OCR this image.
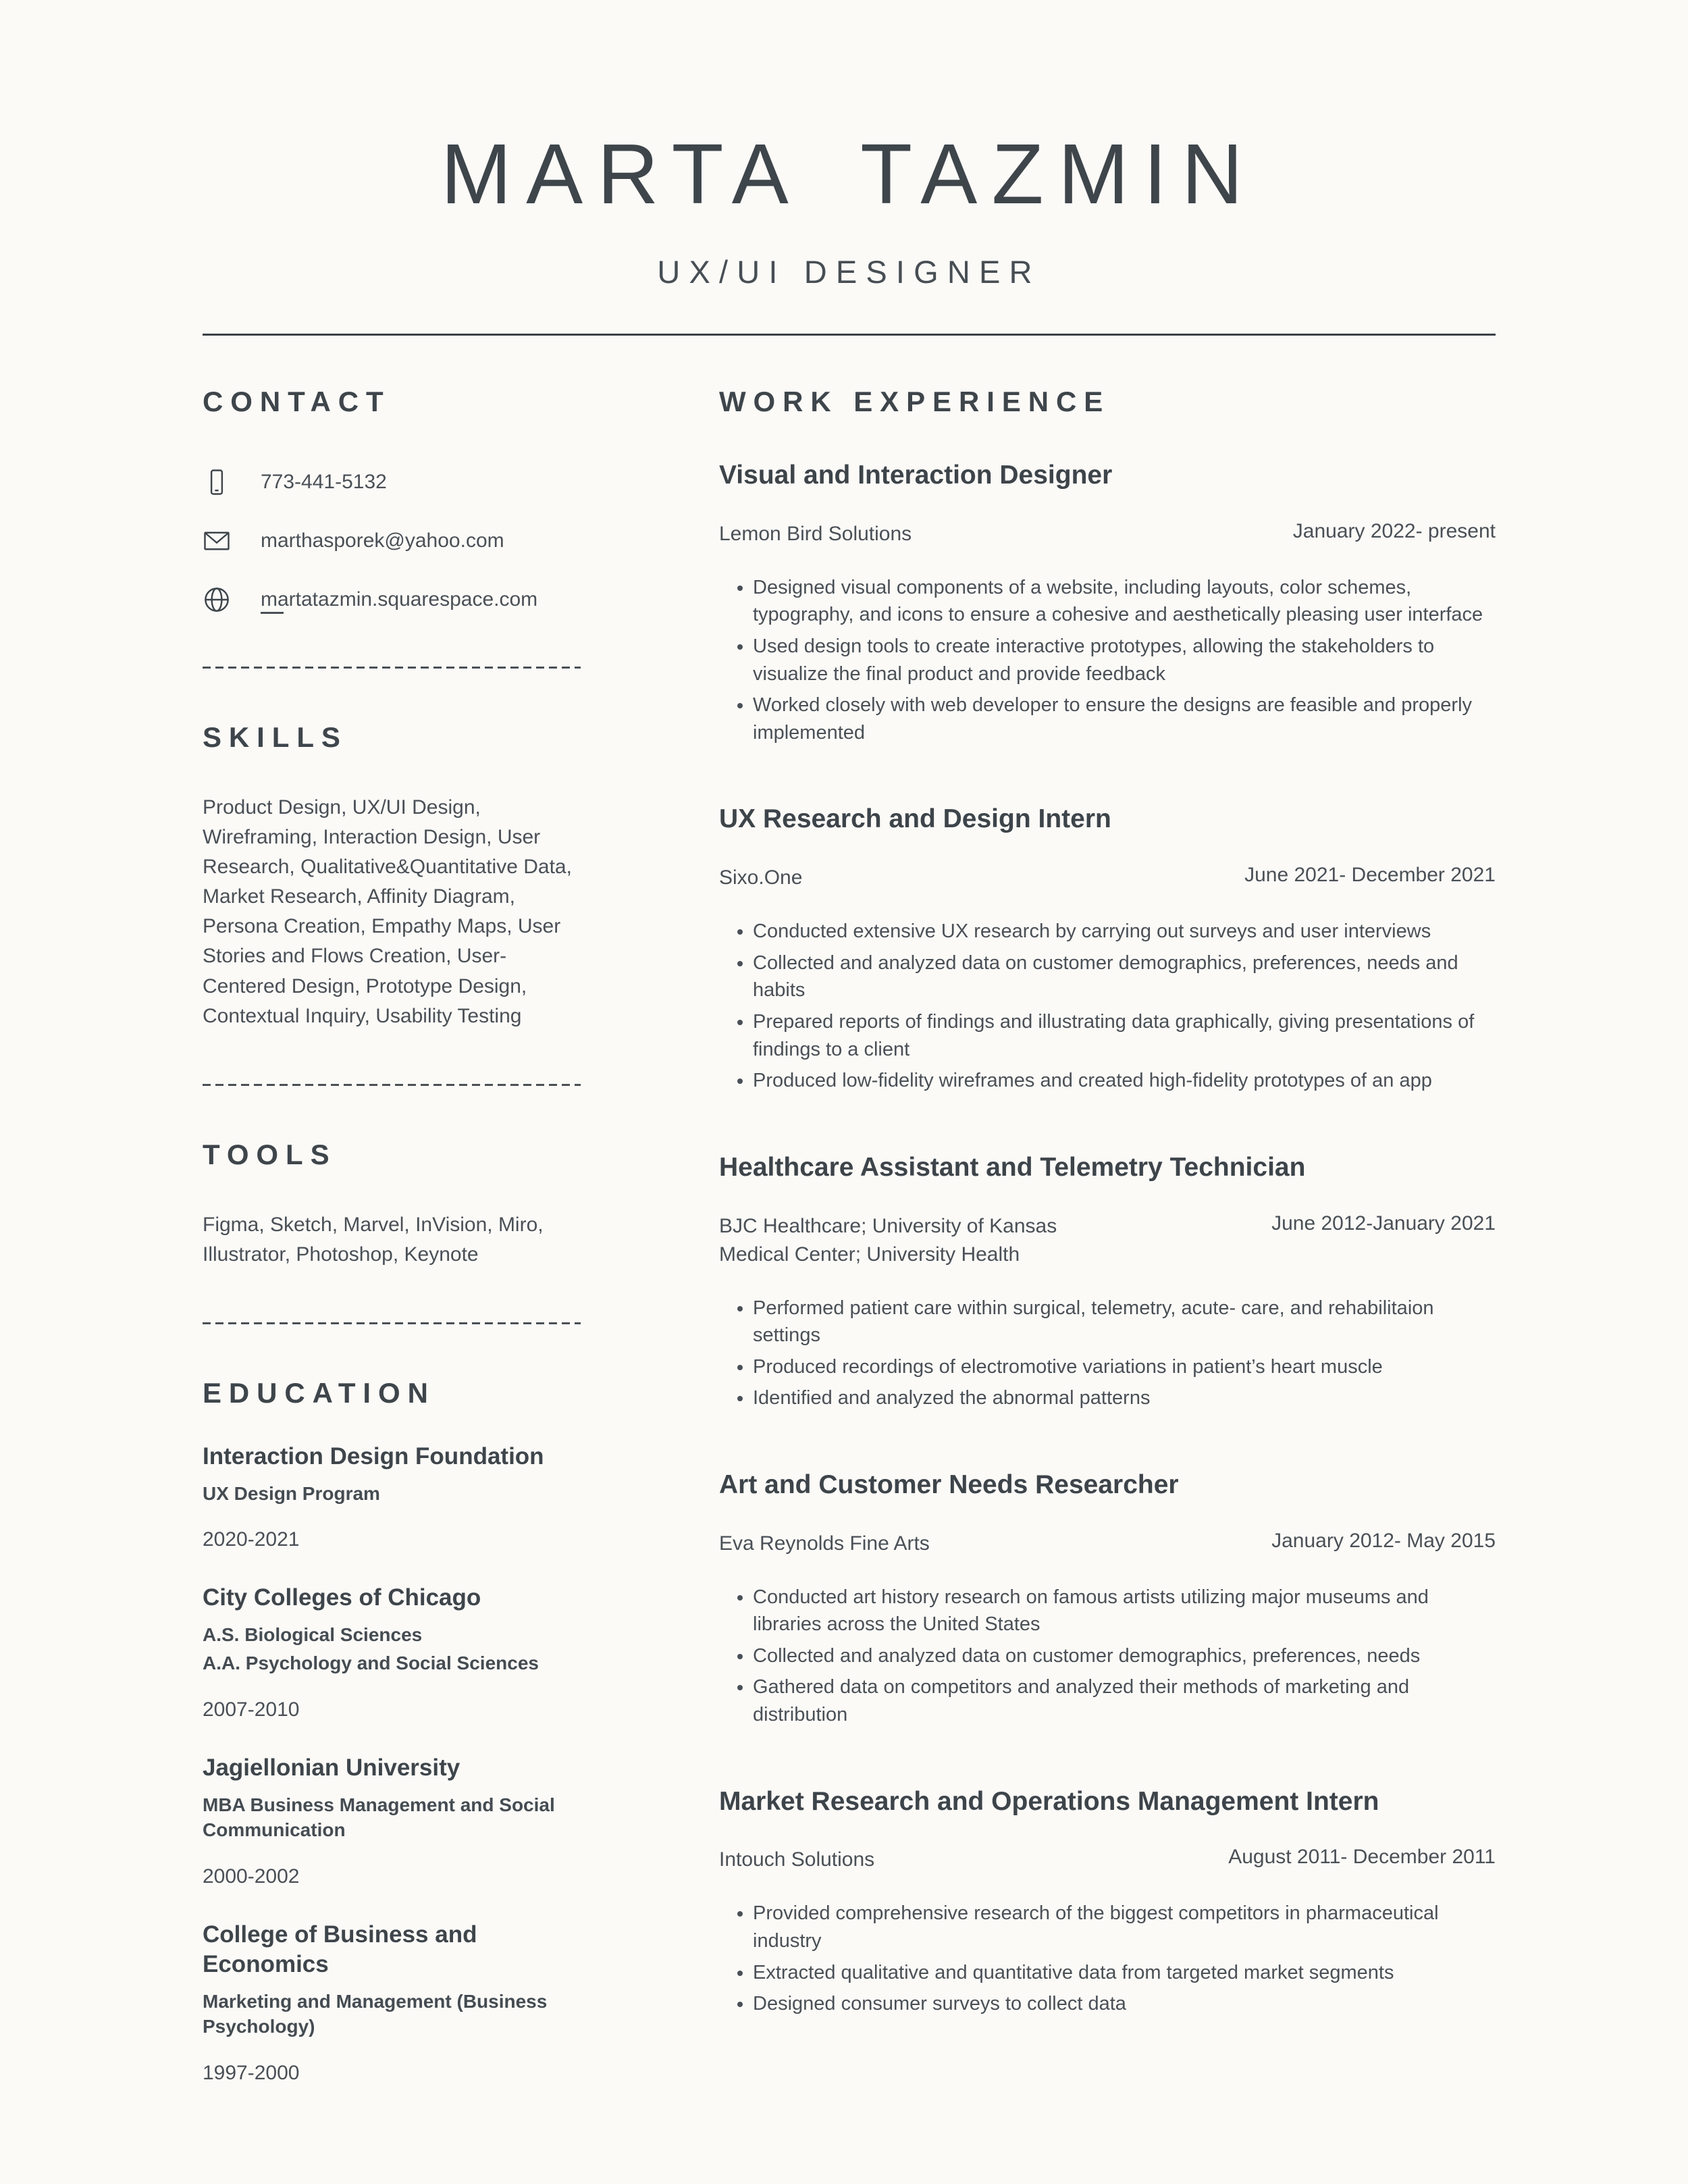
MARTA TAZMIN
UX/UI DESIGNER
CONTACT
773-441-5132
marthasporek@yahoo.com
martatazmin.squarespace.com
SKILLS

Product Design, UX/UI Design, Wireframing, Interaction Design, User Research, Qualitative&Quantitative Data, Market Research, Affinity Diagram, Persona Creation, Empathy Maps, User Stories and Flows Creation, User-Centered Design, Prototype Design, Contextual Inquiry, Usability Testing

TOOLS

Figma, Sketch, Marvel, InVision, Miro, Illustrator, Photoshop, Keynote

EDUCATION
Interaction Design Foundation
UX Design Program
2020-2021
City Colleges of Chicago
A.S. Biological Sciences
A.A. Psychology and Social Sciences
2007-2010
Jagiellonian University
MBA Business Management and Social Communication
2000-2002
College of Business and Economics
Marketing and Management (Business Psychology)
1997-2000
WORK EXPERIENCE
Visual and Interaction Designer
Lemon Bird Solutions	January 2022- present
• Designed visual components of a website, including layouts, color schemes, typography, and icons to ensure a cohesive and aesthetically pleasing user interface
• Used design tools to create interactive prototypes, allowing the stakeholders to visualize the final product and provide feedback
• Worked closely with web developer to ensure the designs are feasible and properly implemented
UX Research and Design Intern
Sixo.One	June 2021- December 2021
• Conducted extensive UX research by carrying out surveys and user interviews
• Collected and analyzed data on customer demographics, preferences, needs and habits
• Prepared reports of findings and illustrating data graphically, giving presentations of findings to a client
• Produced low-fidelity wireframes and created high-fidelity prototypes of an app
Healthcare Assistant and Telemetry Technician
BJC Healthcare; University of Kansas Medical Center; University Health
June 2012-January 2021
• Performed patient care within surgical, telemetry, acute- care, and rehabilitaion settings
• Produced recordings of electromotive variations in patient’s heart muscle
• Identified and analyzed the abnormal patterns
Art and Customer Needs Researcher
Eva Reynolds Fine Arts	January 2012- May 2015
• Conducted art history research on famous artists utilizing major museums and libraries across the United States
• Collected and analyzed data on customer demographics, preferences, needs
• Gathered data on competitors and analyzed their methods of marketing and distribution
Market Research and Operations Management Intern
Intouch Solutions	August 2011- December 2011
• Provided comprehensive research of the biggest competitors in pharmaceutical industry
• Extracted qualitative and quantitative data from targeted market segments
• Designed consumer surveys to collect data
